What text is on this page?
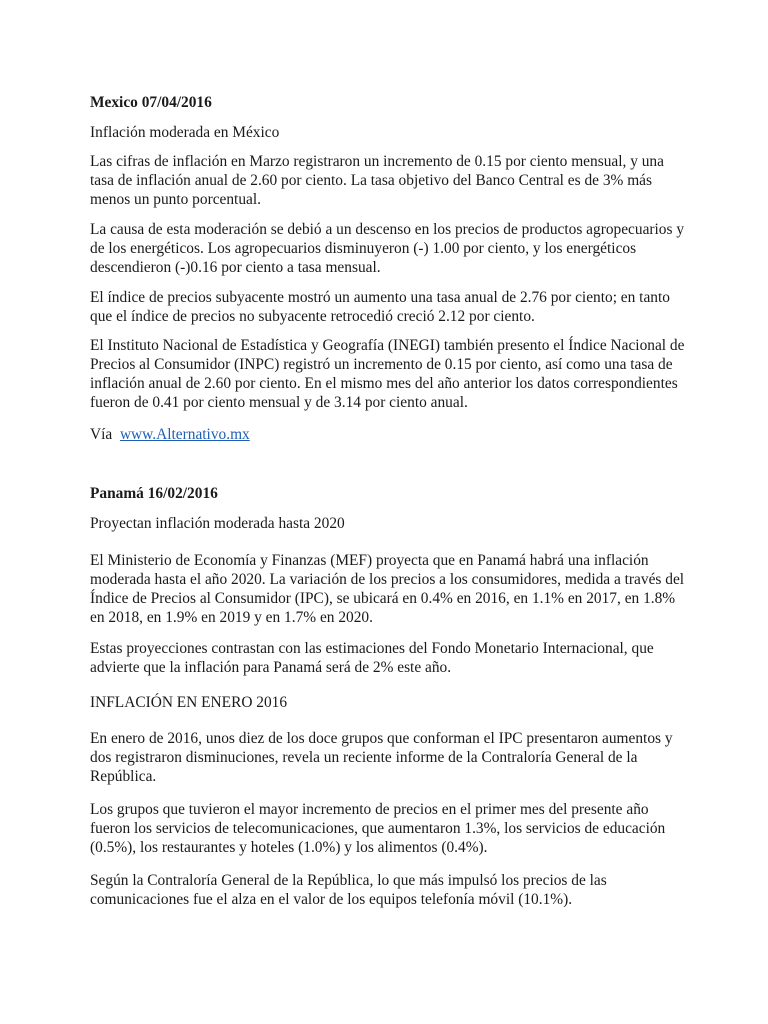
Mexico 07/04/2016
Inflación moderada en México
Las cifras de inflación en Marzo registraron un incremento de 0.15 por ciento mensual, y una
tasa de inflación anual de 2.60 por ciento. La tasa objetivo del Banco Central es de 3% más
menos un punto porcentual.
La causa de esta moderación se debió a un descenso en los precios de productos agropecuarios y
de los energéticos. Los agropecuarios disminuyeron (-) 1.00 por ciento, y los energéticos
descendieron (-)0.16 por ciento a tasa mensual.
El índice de precios subyacente mostró un aumento una tasa anual de 2.76 por ciento; en tanto
que el índice de precios no subyacente retrocedió creció 2.12 por ciento.
El Instituto Nacional de Estadística y Geografía (INEGI) también presento el Índice Nacional de
Precios al Consumidor (INPC) registró un incremento de 0.15 por ciento, así como una tasa de
inflación anual de 2.60 por ciento. En el mismo mes del año anterior los datos correspondientes
fueron de 0.41 por ciento mensual y de 3.14 por ciento anual.
Vía www.Alternativo.mx
Panamá 16/02/2016
Proyectan inflación moderada hasta 2020
El Ministerio de Economía y Finanzas (MEF) proyecta que en Panamá habrá una inflación
moderada hasta el año 2020. La variación de los precios a los consumidores, medida a través del
Índice de Precios al Consumidor (IPC), se ubicará en 0.4% en 2016, en 1.1% en 2017, en 1.8%
en 2018, en 1.9% en 2019 y en 1.7% en 2020.
Estas proyecciones contrastan con las estimaciones del Fondo Monetario Internacional, que
advierte que la inflación para Panamá será de 2% este año.
INFLACIÓN EN ENERO 2016
En enero de 2016, unos diez de los doce grupos que conforman el IPC presentaron aumentos y
dos registraron disminuciones, revela un reciente informe de la Contraloría General de la
República.
Los grupos que tuvieron el mayor incremento de precios en el primer mes del presente año
fueron los servicios de telecomunicaciones, que aumentaron 1.3%, los servicios de educación
(0.5%), los restaurantes y hoteles (1.0%) y los alimentos (0.4%).
Según la Contraloría General de la República, lo que más impulsó los precios de las
comunicaciones fue el alza en el valor de los equipos telefonía móvil (10.1%).
